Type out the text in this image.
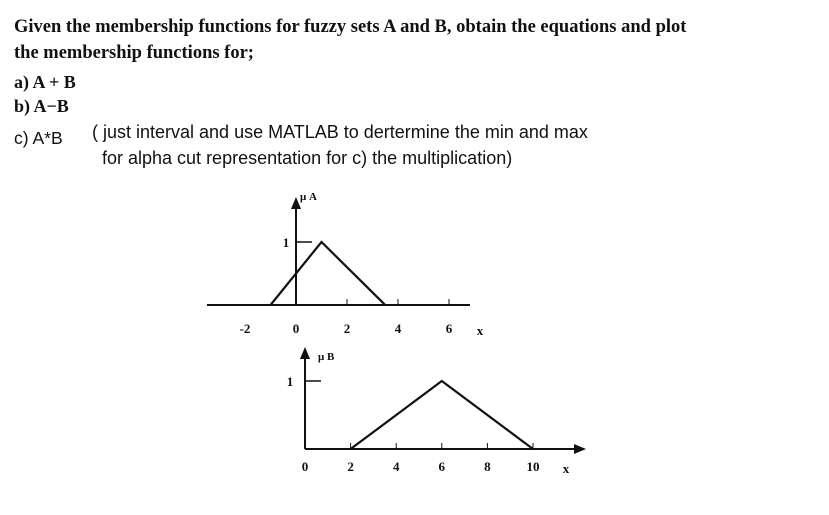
Given the membership functions for fuzzy sets A and B, obtain the equations and plot the membership functions for;
a) A + B
b) A−B
c) A*B ( just interval and use MATLAB to dertermine the min and max
for alpha cut representation for c) the multiplication)
1
μ A
-2	0	2	4	6 x
1
μ B
0	2	4	6	8	10 x
